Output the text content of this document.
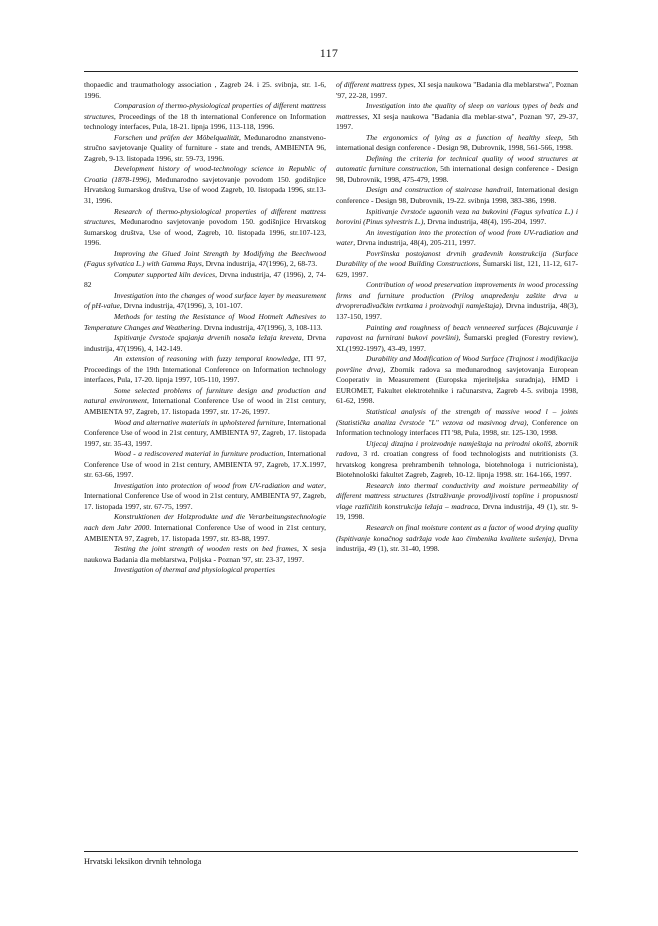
117

thopaedic and traumathology association , Zagreb 24. i 25. svibnja, str. 1-6, 1996.

Comparasion of thermo-physiological properties of different mattress structures, Proceedings of the 18 th international Conference on Information technology interfaces, Pula, 18-21. lipnja 1996, 113-118, 1996.

Forschen und prüfen der Möbelqualität, Međunarodno znanstveno-stručno savjetovanje Quality of furniture - state and trends, AMBIENTA 96, Zagreb, 9-13. listopada 1996, str. 59-73, 1996.

Development history of wood-technology science in Republic of Croatia (1878-1996), Međunarodno savjetovanje povodom 150. godišnjice Hrvatskog šumarskog društva, Use of wood Zagreb, 10. listopada 1996, str.13-31, 1996.

Research of thermo-physiological properties of different mattress structures, Međunarodno savjetovanje povodom 150. godišnjice Hrvatskog šumarskog društva, Use of wood, Zagreb, 10. listopada 1996, str.107-123, 1996.

Improving the Glued Joint Strength by Modifying the Beechwood (Fagus sylvatica L.) with Gamma Rays, Drvna industrija, 47(1996), 2, 68-73.

Computer supported kiln devices, Drvna industrija, 47 (1996), 2, 74-82

Investigation into the changes of wood surface layer by measurement of pH-value, Drvna industrija, 47(1996), 3, 101-107.

Methods for testing the Resistance of Wood Hotmelt Adhesives to Temperature Changes and Weathering. Drvna industrija, 47(1996), 3, 108-113.

Ispitivanje čvrstoće spajanja drvenih nosača ležaja kreveta, Drvna industrija, 47(1996), 4, 142-149.

An extension of reasoning with fuzzy temporal knowledge, ITI 97, Proceedings of the 19th International Conference on Information technology interfaces, Pula, 17-20. lipnja 1997, 105-110, 1997.

Some selected problems of furniture design and production and natural environment, International Conference Use of wood in 21st century, AMBIENTA 97, Zagreb, 17. listopada 1997, str. 17-26, 1997.

Wood and alternative materials in upholstered furniture, International Conference Use of wood in 21st century, AMBIENTA 97, Zagreb, 17. listopada 1997, str. 35-43, 1997.

Wood - a rediscovered material in furniture production, International Conference Use of wood in 21st century, AMBIENTA 97, Zagreb, 17.X.1997, str. 63-66, 1997.

Investigation into protection of wood from UV-radiation and water, International Conference Use of wood in 21st century, AMBIENTA 97, Zagreb, 17. listopada 1997, str. 67-75, 1997.

Konstruktionen der Holzprodukte und die Verarbeitungstechnologie nach dem Jahr 2000. International Conference Use of wood in 21st century, AMBIENTA 97, Zagreb, 17. listopada 1997, str. 83-88, 1997.

Testing the joint strength of wooden rests on bed frames, X sesja naukowa Badania dla meblarstwa, Poljska - Poznan '97, str. 23-37, 1997.

Investigation of thermal and physiological properties

of different mattress types, XI sesja naukowa "Badania dla meblarstwa", Poznan '97, 22-28, 1997.

Investigation into the quality of sleep on various types of beds and mattresses, XI sesja naukowa "Badania dla meblar-stwa", Poznan '97, 29-37, 1997.

The ergonomics of lying as a function of healthy sleep, 5th international design conference - Design 98, Dubrovnik, 1998, 561-566, 1998.

Defining the criteria for technical quality of wood structures at automatic furniture construction, 5th international design conference - Design 98, Dubrovnik, 1998, 475-479, 1998.

Design and construction of staircase handrail, International design conference - Design 98, Dubrovnik, 19-22. svibnja 1998, 383-386, 1998.

Ispitivanje čvrstoće ugaonih veza na bukovini (Fagus sylvatica L.) i borovini (Pinus sylvestris L.), Drvna industrija, 48(4), 195-204, 1997.

An investigation into the protection of wood from UV-radiation and water, Drvna industrija, 48(4), 205-211, 1997.

Površinska postojanost drvnih građevnih konstrukcija (Surface Durability of the wood Building Constructions, Šumarski list, 121, 11-12, 617-629, 1997.

Contribution of wood preservation improvements in wood processing firms and furniture production (Prilog unapređenju zaštite drva u drvoprerađivačkim tvrtkama i proizvodnji namještaja), Drvna industrija, 48(3), 137-150, 1997.

Painting and roughness of beach venneered surfaces (Bajcuvanje i rapavost na furnirani bukovi površini), Šumarski pregled (Forestry review), XL(1992-1997), 43-49, 1997.

Durability and Modification of Wood Surface (Trajnost i modifikacija površine drva), Zbornik radova sa međunarodnog savjetovanja European Cooperativ in Measurement (Europska mjeriteljska suradnja), HMD i EUROMET, Fakultet elektrotehnike i računarstva, Zagreb 4-5. svibnja 1998, 61-62, 1998.

Statistical analysis of the strength of massive wood l – joints (Statistička analiza čvrstoće "L" vezova od masivnog drva), Conference on Information technology interfaces ITI '98, Pula, 1998, str. 125-130, 1998.

Utjecaj dizajna i proizvodnje namještaja na prirodni okoliš, zbornik radova, 3 rd. croatian congress of food technologists and nutritionists (3. hrvatskog kongresa prehrambenih tehnologa, biotehnologa i nutricionista), Biotehnološki fakultet Zagreb, Zagreb, 10-12. lipnja 1998. str. 164-166, 1997.

Research into thermal conductivity and moisture permeability of different mattress structures (Istraživanje provodljivosti topline i propusnosti vlage različitih konstrukcija ležaja – madraca, Drvna industrija, 49 (1), str. 9-19, 1998.

Research on final moisture content as a factor of wood drying quality (Ispitivanje konačnog sadržaja vode kao čimbenika kvalitete sušenja), Drvna industrija, 49 (1), str. 31-40, 1998.

Hrvatski leksikon drvnih tehnologa
